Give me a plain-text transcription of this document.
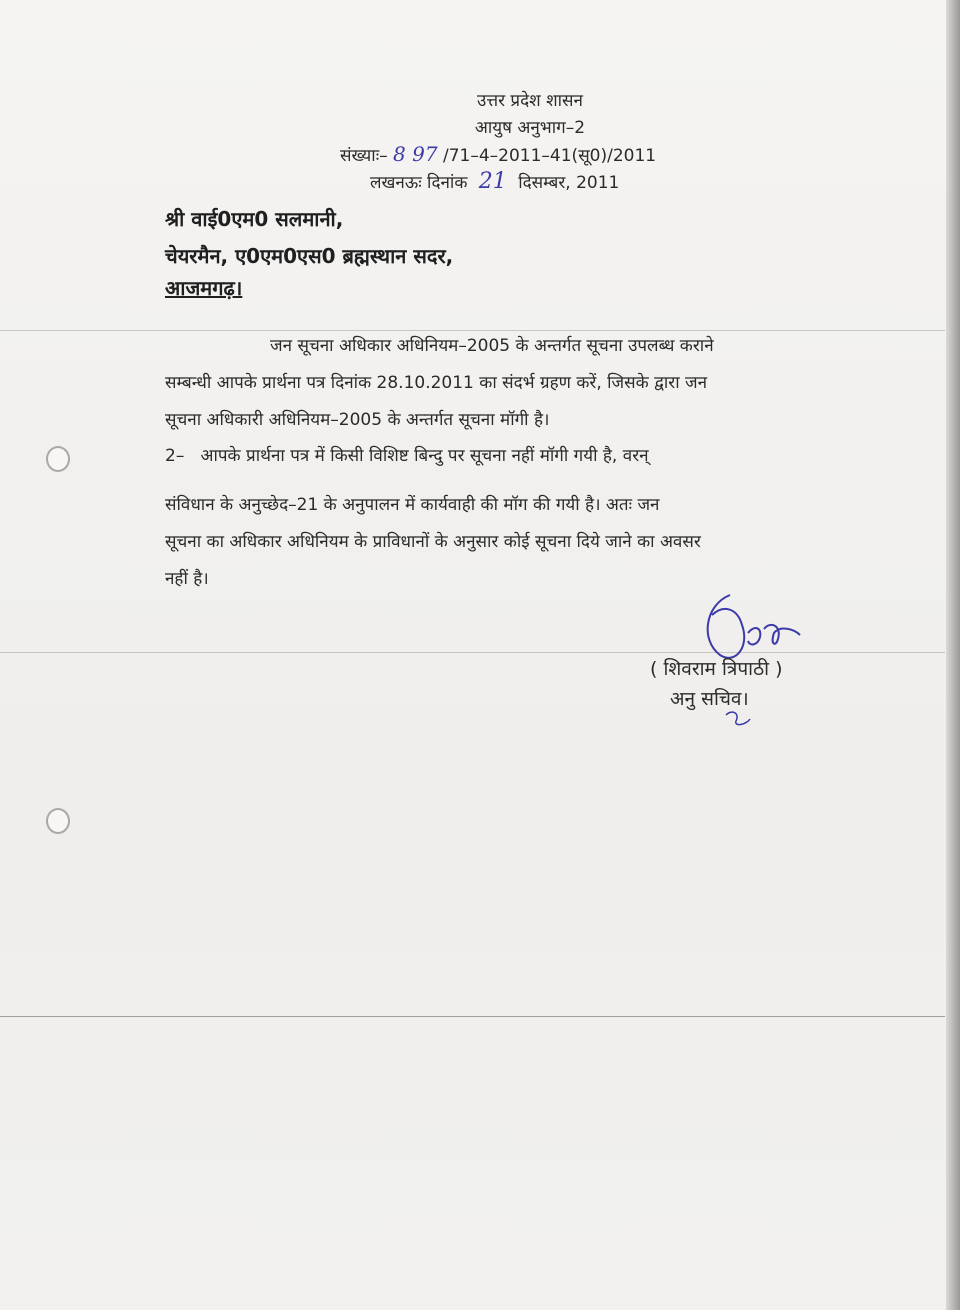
उत्तर प्रदेश शासन
आयुष अनुभाग–2
संख्याः– 8 97 /71–4–2011–41(सू0)/2011
लखनऊः दिनांक 21 दिसम्बर, 2011
श्री वाई0एम0 सलमानी,
चेयरमैन, ए0एम0एस0 ब्रह्मस्थान सदर,
आजमगढ़।
जन सूचना अधिकार अधिनियम–2005 के अन्तर्गत सूचना उपलब्ध कराने
सम्बन्धी आपके प्रार्थना पत्र दिनांक 28.10.2011 का संदर्भ ग्रहण करें, जिसके द्वारा जन
सूचना अधिकारी अधिनियम–2005 के अन्तर्गत सूचना मॉगी है।
2–   आपके प्रार्थना पत्र में किसी विशिष्ट बिन्दु पर सूचना नहीं मॉगी गयी है, वरन्
संविधान के अनुच्छेद–21 के अनुपालन में कार्यवाही की मॉग की गयी है। अतः जन
सूचना का अधिकार अधिनियम के प्राविधानों के अनुसार कोई सूचना दिये जाने का अवसर
नहीं है।
( शिवराम त्रिपाठी )
अनु सचिव।
